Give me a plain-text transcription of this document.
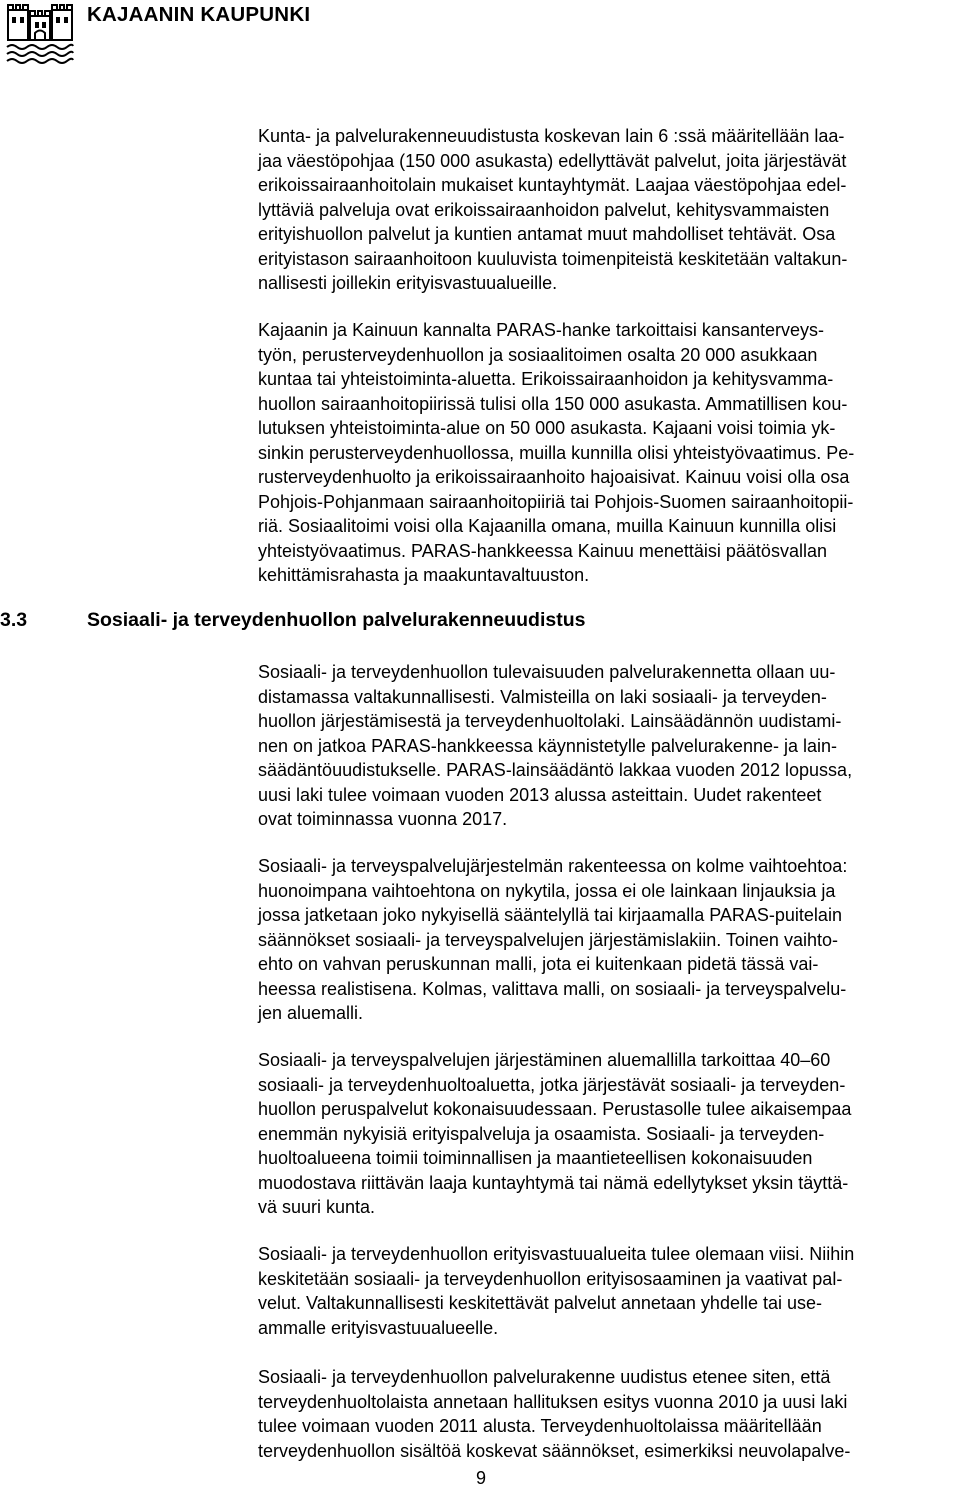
KAJAANIN KAUPUNKI
Kunta- ja palvelurakenneuudistusta koskevan lain 6 :ssä määritellään laa-
jaa väestöpohjaa (150 000 asukasta) edellyttävät palvelut, joita järjestävät
erikoissairaanhoitolain mukaiset kuntayhtymät. Laajaa väestöpohjaa edel-
lyttäviä palveluja ovat erikoissairaanhoidon palvelut, kehitysvammaisten
erityishuollon palvelut ja kuntien antamat muut mahdolliset tehtävät. Osa
erityistason sairaanhoitoon kuuluvista toimenpiteistä keskitetään valtakun-
nallisesti joillekin erityisvastuualueille.
Kajaanin ja Kainuun kannalta PARAS-hanke tarkoittaisi kansanterveys-
työn, perusterveydenhuollon ja sosiaalitoimen osalta 20 000 asukkaan
kuntaa tai yhteistoiminta-aluetta. Erikoissairaanhoidon ja kehitysvamma-
huollon sairaanhoitopiirissä tulisi olla 150 000 asukasta. Ammatillisen kou-
lutuksen yhteistoiminta-alue on 50 000 asukasta. Kajaani voisi toimia yk-
sinkin perusterveydenhuollossa, muilla kunnilla olisi yhteistyövaatimus. Pe-
rusterveydenhuolto ja erikoissairaanhoito hajoaisivat. Kainuu voisi olla osa
Pohjois-Pohjanmaan sairaanhoitopiiriä tai Pohjois-Suomen sairaanhoitopii-
riä. Sosiaalitoimi voisi olla Kajaanilla omana, muilla Kainuun kunnilla olisi
yhteistyövaatimus. PARAS-hankkeessa Kainuu menettäisi päätösvallan
kehittämisrahasta ja maakuntavaltuuston.
3.3	Sosiaali- ja terveydenhuollon palvelurakenneuudistus
Sosiaali- ja terveydenhuollon tulevaisuuden palvelurakennetta ollaan uu-
distamassa valtakunnallisesti. Valmisteilla on laki sosiaali- ja terveyden-
huollon järjestämisestä ja terveydenhuoltolaki. Lainsäädännön uudistami-
nen on jatkoa PARAS-hankkeessa käynnistetylle palvelurakenne- ja lain-
säädäntöuudistukselle. PARAS-lainsäädäntö lakkaa vuoden 2012 lopussa,
uusi laki tulee voimaan vuoden 2013 alussa asteittain. Uudet rakenteet
ovat toiminnassa vuonna 2017.
Sosiaali- ja terveyspalvelujärjestelmän rakenteessa on kolme vaihtoehtoa:
huonoimpana vaihtoehtona on nykytila, jossa ei ole lainkaan linjauksia ja
jossa jatketaan joko nykyisellä sääntelyllä tai kirjaamalla PARAS-puitelain
säännökset sosiaali- ja terveyspalvelujen järjestämislakiin. Toinen vaihto-
ehto on vahvan peruskunnan malli, jota ei kuitenkaan pidetä tässä vai-
heessa realistisena. Kolmas, valittava malli, on sosiaali- ja terveyspalvelu-
jen aluemalli.
Sosiaali- ja terveyspalvelujen järjestäminen aluemallilla tarkoittaa 40–60
sosiaali- ja terveydenhuoltoaluetta, jotka järjestävät sosiaali- ja terveyden-
huollon peruspalvelut kokonaisuudessaan. Perustasolle tulee aikaisempaa
enemmän nykyisiä erityispalveluja ja osaamista. Sosiaali- ja terveyden-
huoltoalueena toimii toiminnallisen ja maantieteellisen kokonaisuuden
muodostava riittävän laaja kuntayhtymä tai nämä edellytykset yksin täyttä-
vä suuri kunta.
Sosiaali- ja terveydenhuollon erityisvastuualueita tulee olemaan viisi. Niihin
keskitetään sosiaali- ja terveydenhuollon erityisosaaminen ja vaativat pal-
velut. Valtakunnallisesti keskitettävät palvelut annetaan yhdelle tai use-
ammalle erityisvastuualueelle.
Sosiaali- ja terveydenhuollon palvelurakenne uudistus etenee siten, että
terveydenhuoltolaista annetaan hallituksen esitys vuonna 2010 ja uusi laki
tulee voimaan vuoden 2011 alusta. Terveydenhuoltolaissa määritellään
terveydenhuollon sisältöä koskevat säännökset, esimerkiksi neuvolapalve-
9
